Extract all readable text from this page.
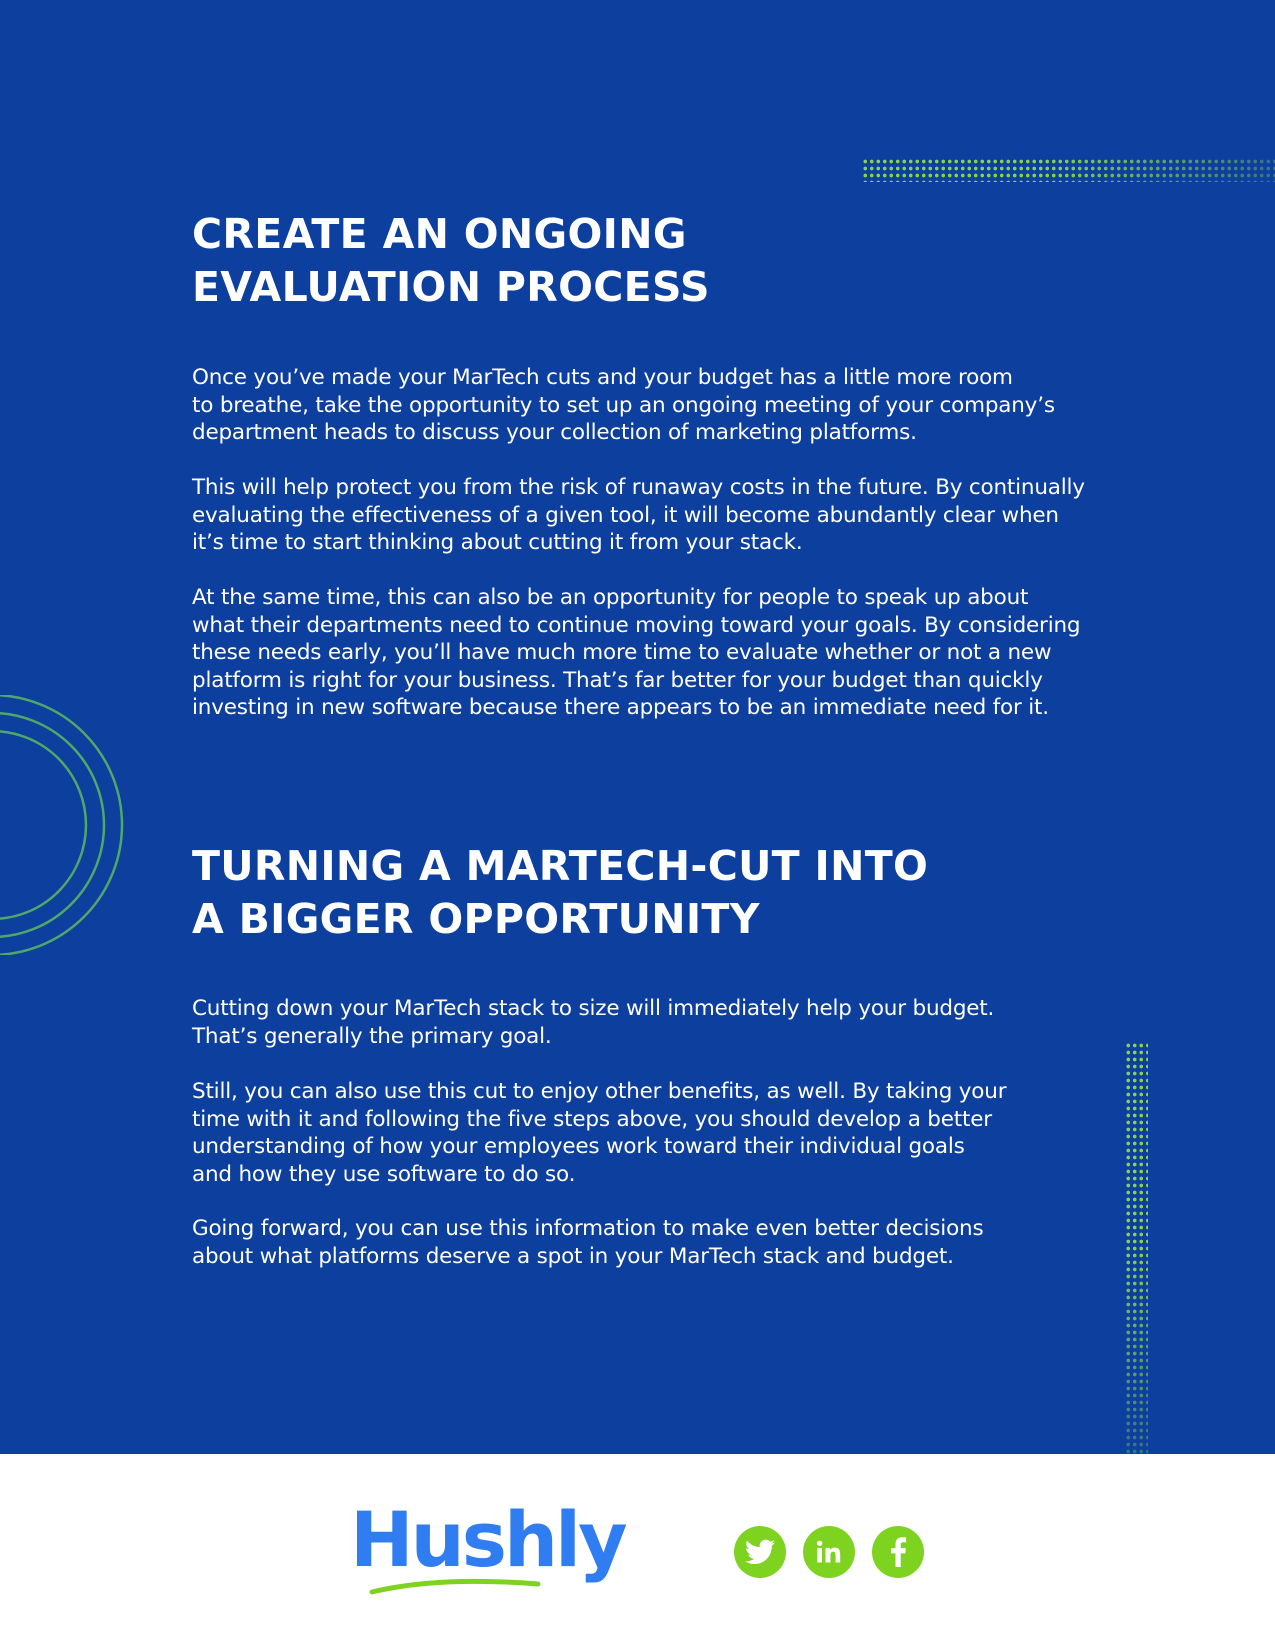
CREATE AN ONGOING
EVALUATION PROCESS

Once you’ve made your MarTech cuts and your budget has a little more room
to breathe, take the opportunity to set up an ongoing meeting of your company’s
department heads to discuss your collection of marketing platforms.

This will help protect you from the risk of runaway costs in the future. By continually
evaluating the effectiveness of a given tool, it will become abundantly clear when
it’s time to start thinking about cutting it from your stack.

At the same time, this can also be an opportunity for people to speak up about
what their departments need to continue moving toward your goals. By considering
these needs early, you’ll have much more time to evaluate whether or not a new
platform is right for your business. That’s far better for your budget than quickly
investing in new software because there appears to be an immediate need for it.

TURNING A MARTECH-CUT INTO
A BIGGER OPPORTUNITY

Cutting down your MarTech stack to size will immediately help your budget.
That’s generally the primary goal.

Still, you can also use this cut to enjoy other benefits, as well. By taking your
time with it and following the five steps above, you should develop a better
understanding of how your employees work toward their individual goals
and how they use software to do so.

Going forward, you can use this information to make even better decisions
about what platforms deserve a spot in your MarTech stack and budget.

Hushly
